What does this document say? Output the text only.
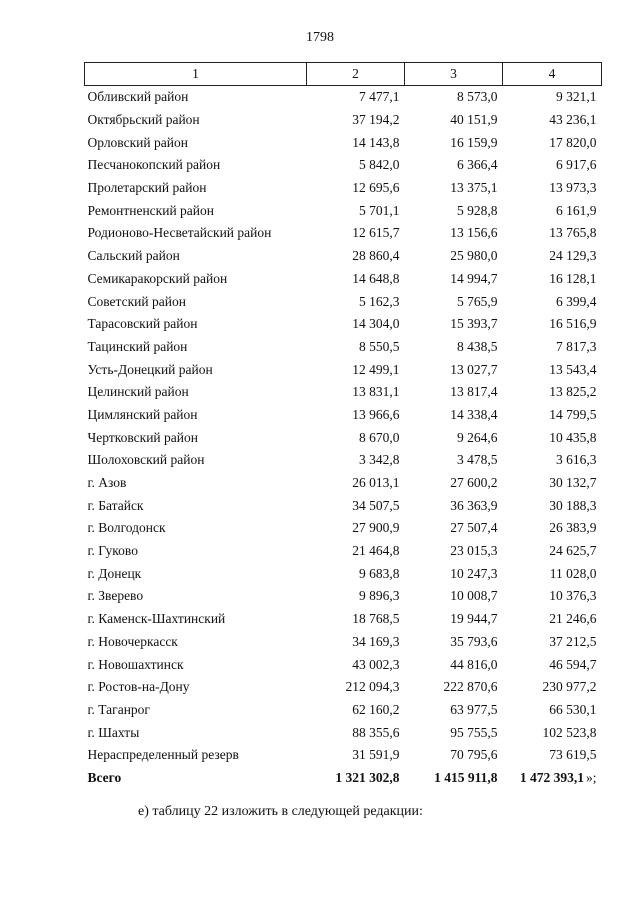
1798
1	2	3	4
Обливский район	7 477,1	8 573,0	9 321,1
Октябрьский район	37 194,2	40 151,9	43 236,1
Орловский район	14 143,8	16 159,9	17 820,0
Песчанокопский район	5 842,0	6 366,4	6 917,6
Пролетарский район	12 695,6	13 375,1	13 973,3
Ремонтненский район	5 701,1	5 928,8	6 161,9
Родионово-Несветайский район	12 615,7	13 156,6	13 765,8
Сальский район	28 860,4	25 980,0	24 129,3
Семикаракорский район	14 648,8	14 994,7	16 128,1
Советский район	5 162,3	5 765,9	6 399,4
Тарасовский район	14 304,0	15 393,7	16 516,9
Тацинский район	8 550,5	8 438,5	7 817,3
Усть-Донецкий район	12 499,1	13 027,7	13 543,4
Целинский район	13 831,1	13 817,4	13 825,2
Цимлянский район	13 966,6	14 338,4	14 799,5
Чертковский район	8 670,0	9 264,6	10 435,8
Шолоховский район	3 342,8	3 478,5	3 616,3
г. Азов	26 013,1	27 600,2	30 132,7
г. Батайск	34 507,5	36 363,9	30 188,3
г. Волгодонск	27 900,9	27 507,4	26 383,9
г. Гуково	21 464,8	23 015,3	24 625,7
г. Донецк	9 683,8	10 247,3	11 028,0
г. Зверево	9 896,3	10 008,7	10 376,3
г. Каменск-Шахтинский	18 768,5	19 944,7	21 246,6
г. Новочеркасск	34 169,3	35 793,6	37 212,5
г. Новошахтинск	43 002,3	44 816,0	46 594,7
г. Ростов-на-Дону	212 094,3	222 870,6	230 977,2
г. Таганрог	62 160,2	63 977,5	66 530,1
г. Шахты	88 355,6	95 755,5	102 523,8
Нераспределенный резерв	31 591,9	70 795,6	73 619,5
Всего	1 321 302,8	1 415 911,8	1 472 393,1 »;
е) таблицу 22 изложить в следующей редакции:
